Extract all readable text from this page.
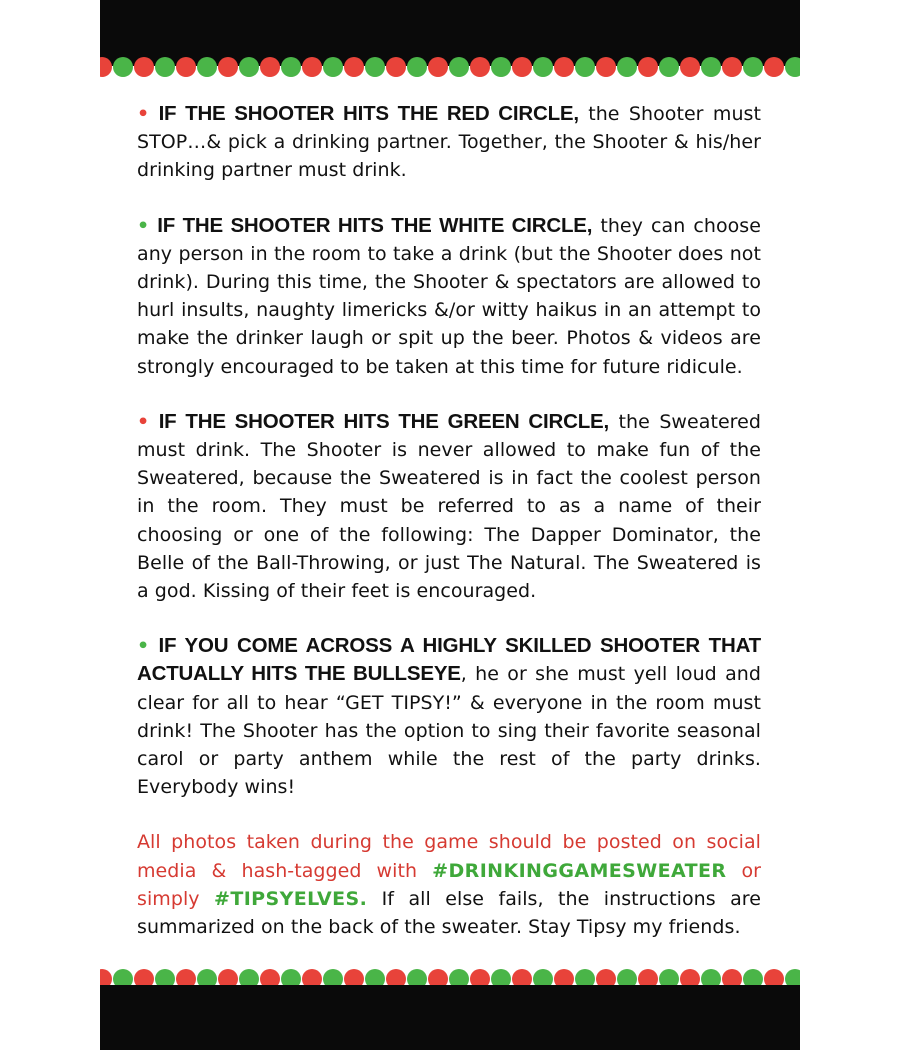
• IF THE SHOOTER HITS THE RED CIRCLE, the Shooter must STOP…& pick a drinking partner. Together, the Shooter & his/her drinking partner must drink.

• IF THE SHOOTER HITS THE WHITE CIRCLE, they can choose any person in the room to take a drink (but the Shooter does not drink). During this time, the Shooter & spectators are allowed to hurl insults, naughty limericks &/or witty haikus in an attempt to make the drinker laugh or spit up the beer. Photos & videos are strongly encouraged to be taken at this time for future ridicule.

• IF THE SHOOTER HITS THE GREEN CIRCLE, the Sweatered must drink. The Shooter is never allowed to make fun of the Sweatered, because the Sweatered is in fact the coolest person in the room. They must be referred to as a name of their choosing or one of the following: The Dapper Dominator, the Belle of the Ball-Throwing, or just The Natural. The Sweatered is a god. Kissing of their feet is encouraged.

• IF YOU COME ACROSS A HIGHLY SKILLED SHOOTER THAT ACTUALLY HITS THE BULLSEYE, he or she must yell loud and clear for all to hear “GET TIPSY!” & everyone in the room must drink! The Shooter has the option to sing their favorite seasonal carol or party anthem while the rest of the party drinks. Everybody wins!

All photos taken during the game should be posted on social media & hash-tagged with #DRINKINGGAMESWEATER or simply #TIPSYELVES. If all else fails, the instructions are summarized on the back of the sweater. Stay Tipsy my friends.
